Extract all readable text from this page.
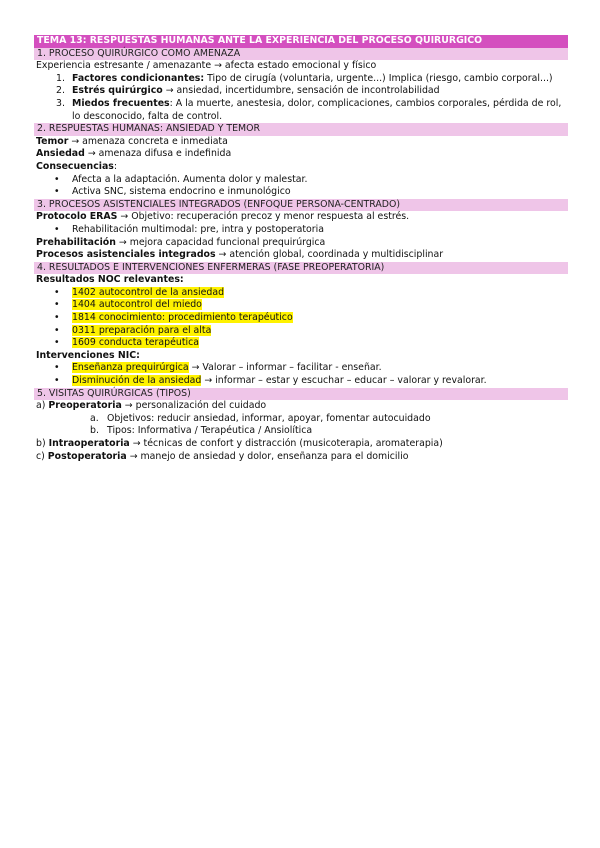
TEMA 13: RESPUESTAS HUMANAS ANTE LA EXPERIENCIA DEL PROCESO QUIRÚRGICO
1. PROCESO QUIRÚRGICO COMO AMENAZA
Experiencia estresante / amenazante → afecta estado emocional y físico
1. Factores condicionantes: Tipo de cirugía (voluntaria, urgente...) Implica (riesgo, cambio corporal...)
2. Estrés quirúrgico → ansiedad, incertidumbre, sensación de incontrolabilidad
3. Miedos frecuentes: A la muerte, anestesia, dolor, complicaciones, cambios corporales, pérdida de rol, lo desconocido, falta de control.
2. RESPUESTAS HUMANAS: ANSIEDAD Y TEMOR
Temor → amenaza concreta e inmediata
Ansiedad → amenaza difusa e indefinida
Consecuencias:
• Afecta a la adaptación. Aumenta dolor y malestar.
• Activa SNC, sistema endocrino e inmunológico
3. PROCESOS ASISTENCIALES INTEGRADOS (ENFOQUE PERSONA-CENTRADO)
Protocolo ERAS → Objetivo: recuperación precoz y menor respuesta al estrés.
• Rehabilitación multimodal: pre, intra y postoperatoria
Prehabilitación → mejora capacidad funcional prequirúrgica
Procesos asistenciales integrados → atención global, coordinada y multidisciplinar
4. RESULTADOS E INTERVENCIONES ENFERMERAS (FASE PREOPERATORIA)
Resultados NOC relevantes:
• 1402 autocontrol de la ansiedad
• 1404 autocontrol del miedo
• 1814 conocimiento: procedimiento terapéutico
• 0311 preparación para el alta
• 1609 conducta terapéutica
Intervenciones NIC:
• Enseñanza prequirúrgica → Valorar – informar – facilitar - enseñar.
• Disminución de la ansiedad → informar – estar y escuchar – educar – valorar y revalorar.
5. VISITAS QUIRÚRGICAS (TIPOS)
a) Preoperatoria → personalización del cuidado
a. Objetivos: reducir ansiedad, informar, apoyar, fomentar autocuidado
b. Tipos: Informativa / Terapéutica / Ansiolítica
b) Intraoperatoria → técnicas de confort y distracción (musicoterapia, aromaterapia)
c) Postoperatoria → manejo de ansiedad y dolor, enseñanza para el domicilio
